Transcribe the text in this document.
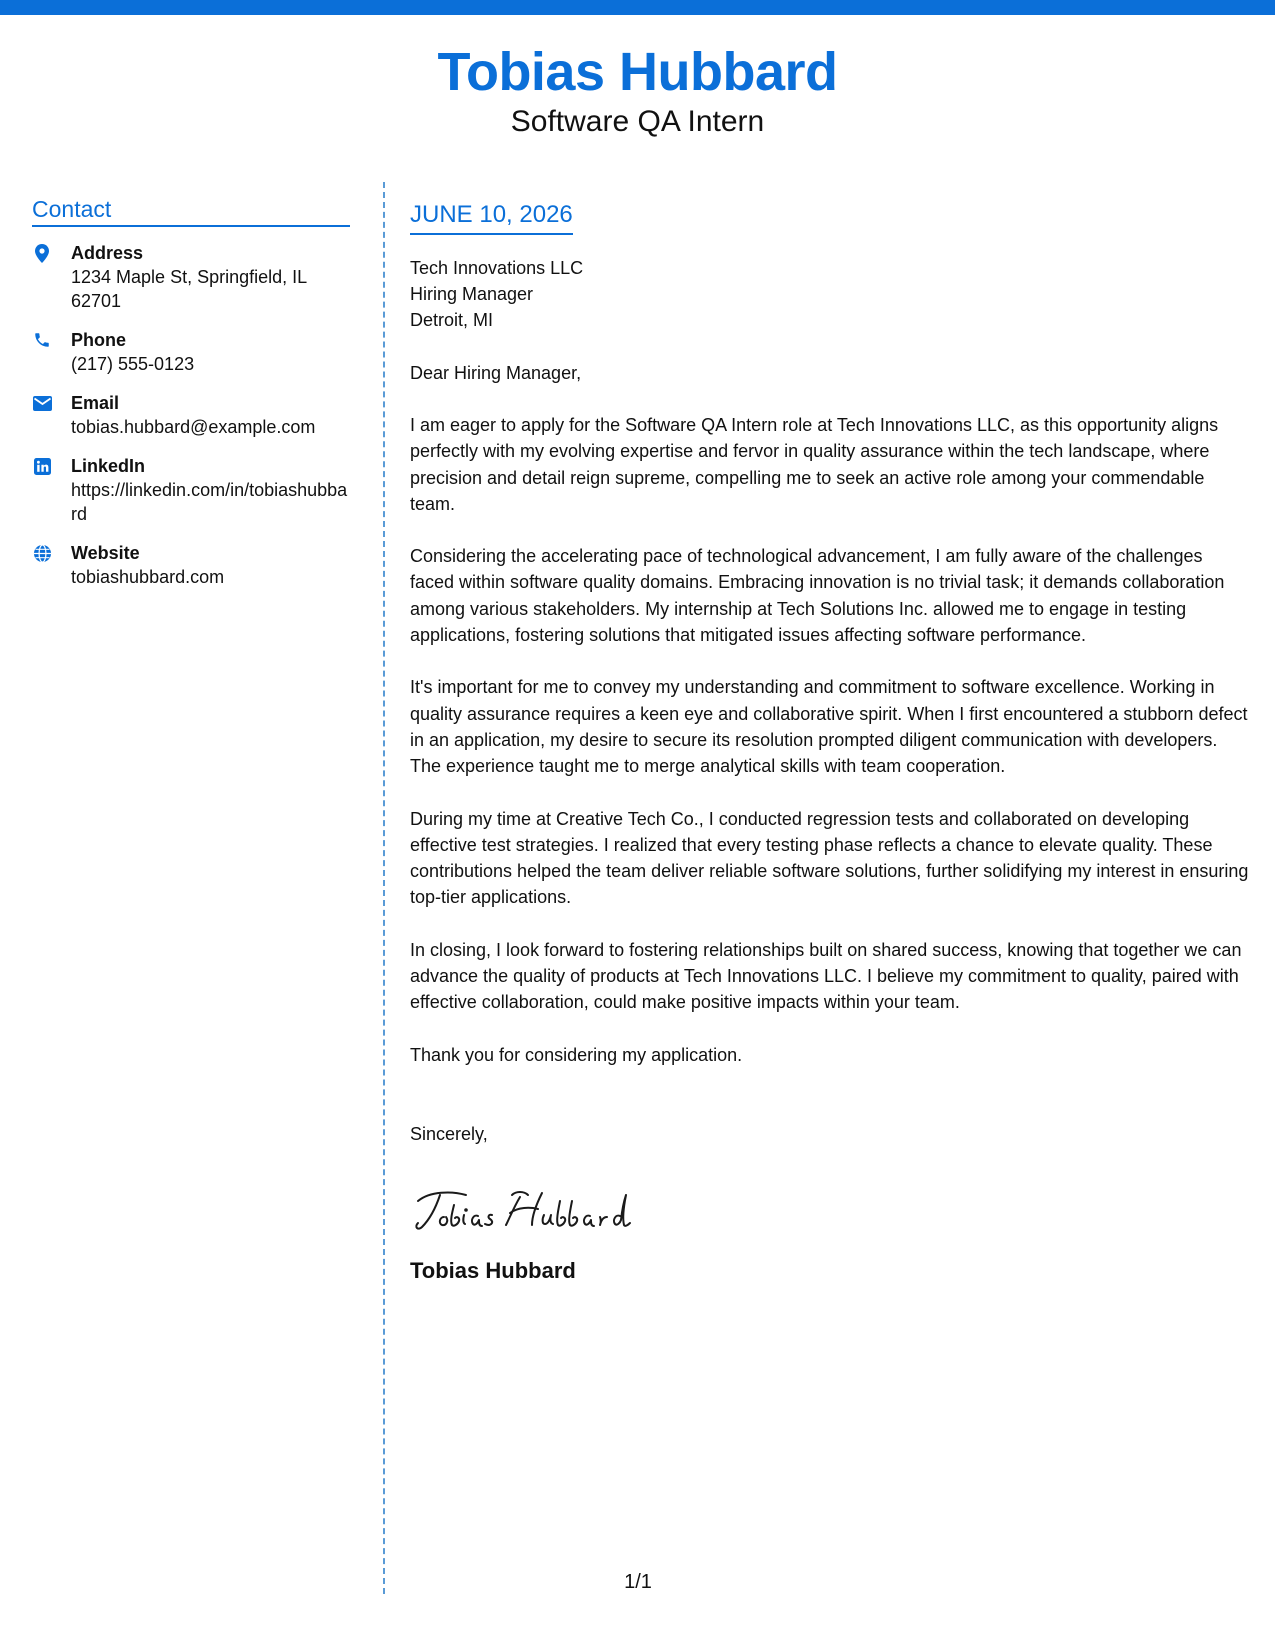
Tobias Hubbard
Software QA Intern
Contact
Address
1234 Maple St, Springfield, IL 62701
Phone
(217) 555-0123
Email
tobias.hubbard@example.com
LinkedIn
https://linkedin.com/in/tobiashubbard
Website
tobiashubbard.com
JUNE 10, 2026
Tech Innovations LLC
Hiring Manager
Detroit, MI
Dear Hiring Manager,
I am eager to apply for the Software QA Intern role at Tech Innovations LLC, as this opportunity aligns perfectly with my evolving expertise and fervor in quality assurance within the tech landscape, where precision and detail reign supreme, compelling me to seek an active role among your commendable team.
Considering the accelerating pace of technological advancement, I am fully aware of the challenges faced within software quality domains. Embracing innovation is no trivial task; it demands collaboration among various stakeholders. My internship at Tech Solutions Inc. allowed me to engage in testing applications, fostering solutions that mitigated issues affecting software performance.
It's important for me to convey my understanding and commitment to software excellence. Working in quality assurance requires a keen eye and collaborative spirit. When I first encountered a stubborn defect in an application, my desire to secure its resolution prompted diligent communication with developers. The experience taught me to merge analytical skills with team cooperation.
During my time at Creative Tech Co., I conducted regression tests and collaborated on developing effective test strategies. I realized that every testing phase reflects a chance to elevate quality. These contributions helped the team deliver reliable software solutions, further solidifying my interest in ensuring top-tier applications.
In closing, I look forward to fostering relationships built on shared success, knowing that together we can advance the quality of products at Tech Innovations LLC. I believe my commitment to quality, paired with effective collaboration, could make positive impacts within your team.
Thank you for considering my application.
Sincerely,
Tobias Hubbard
1/1
